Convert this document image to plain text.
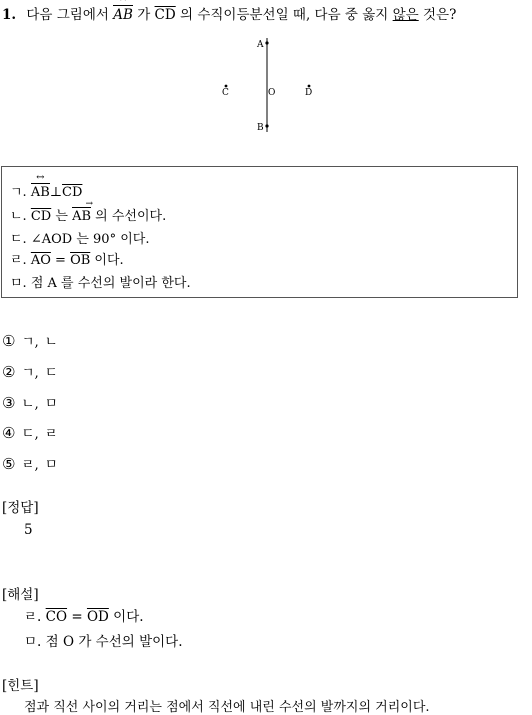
1. 다음 그림에서 AB ↔ 가 $\overline{CD}$ 의 수직이등분선일 때, 다음 중 옳지 않은 것은?
A
B
C	D
O
ㄱ. AB $\leftrightarrow\perp\overline{CD}$
ㄴ. $\overline{CD}$ 는 AB → 의 수선이다.
ㄷ. ∠AOD 는 90° 이다.
ㄹ. $\overline{AO} = \overline{OB}$ 이다.
ㅁ. 점 A 를 수선의 발이라 한다.
① ㄱ, ㄴ
② ㄱ, ㄷ
③ ㄴ, ㅁ
④ ㄷ, ㄹ
⑤ ㄹ, ㅁ
[정답]
5
[해설]
ㄹ. $\overline{CO} = \overline{OD}$ 이다.
ㅁ. 점 O 가 수선의 발이다.
[힌트]
점과 직선 사이의 거리는 점에서 직선에 내린 수선의 발까지의 거리이다.
